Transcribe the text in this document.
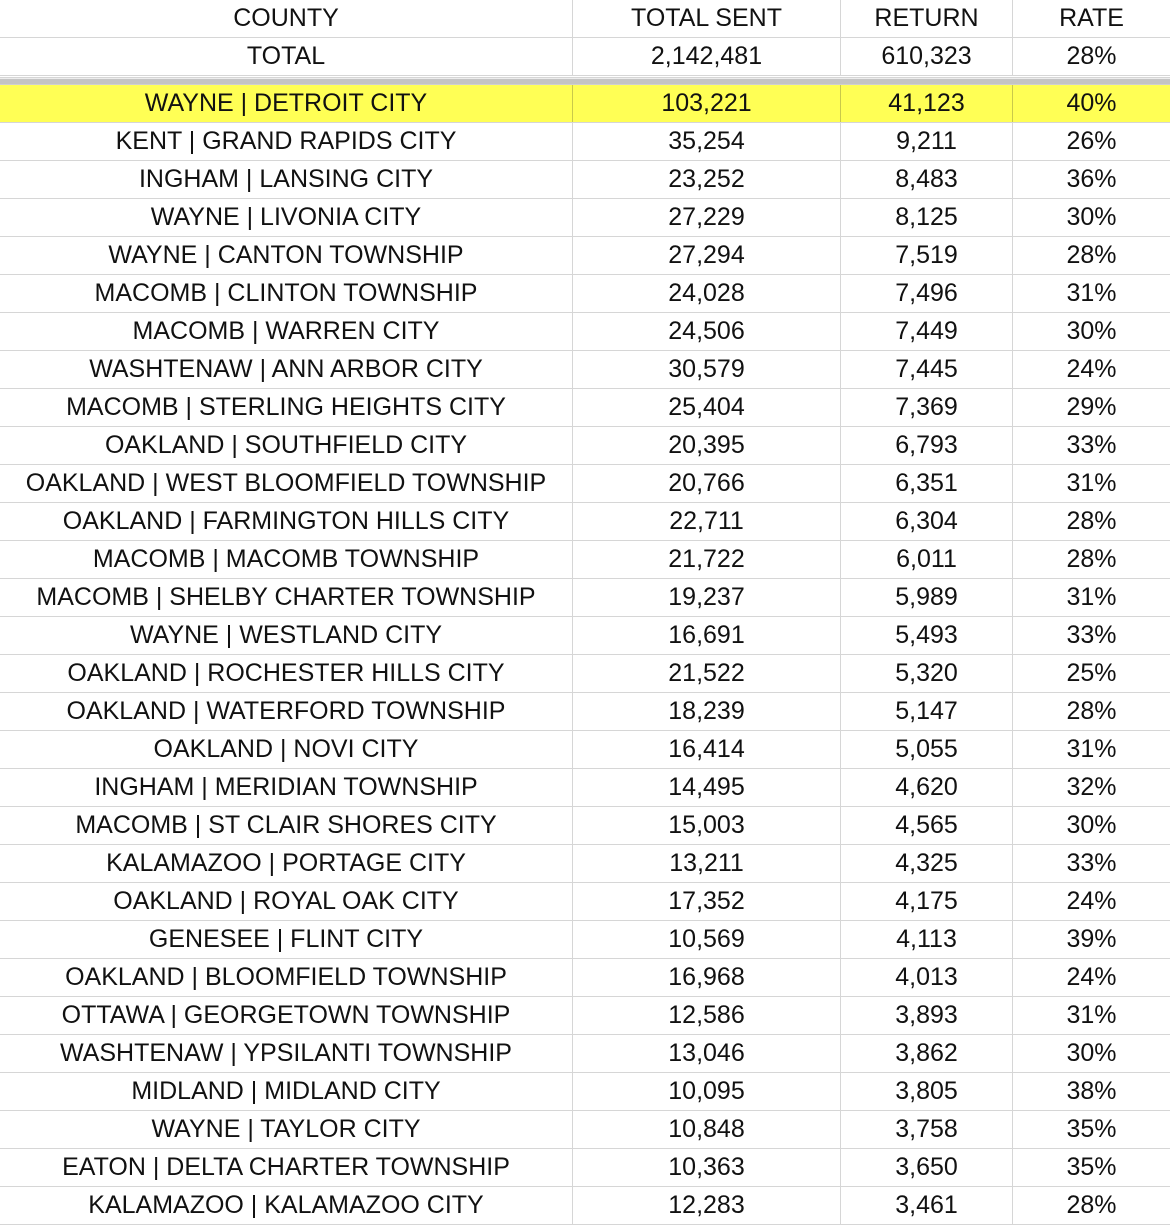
COUNTY	TOTAL SENT	RETURN	RATE
TOTAL	2,142,481	610,323	28%
WAYNE | DETROIT CITY	103,221	41,123	40%
KENT | GRAND RAPIDS CITY	35,254	9,211	26%
INGHAM | LANSING CITY	23,252	8,483	36%
WAYNE | LIVONIA CITY	27,229	8,125	30%
WAYNE | CANTON TOWNSHIP	27,294	7,519	28%
MACOMB | CLINTON TOWNSHIP	24,028	7,496	31%
MACOMB | WARREN CITY	24,506	7,449	30%
WASHTENAW | ANN ARBOR CITY	30,579	7,445	24%
MACOMB | STERLING HEIGHTS CITY	25,404	7,369	29%
OAKLAND | SOUTHFIELD CITY	20,395	6,793	33%
OAKLAND | WEST BLOOMFIELD TOWNSHIP	20,766	6,351	31%
OAKLAND | FARMINGTON HILLS CITY	22,711	6,304	28%
MACOMB | MACOMB TOWNSHIP	21,722	6,011	28%
MACOMB | SHELBY CHARTER TOWNSHIP	19,237	5,989	31%
WAYNE | WESTLAND CITY	16,691	5,493	33%
OAKLAND | ROCHESTER HILLS CITY	21,522	5,320	25%
OAKLAND | WATERFORD TOWNSHIP	18,239	5,147	28%
OAKLAND | NOVI CITY	16,414	5,055	31%
INGHAM | MERIDIAN TOWNSHIP	14,495	4,620	32%
MACOMB | ST CLAIR SHORES CITY	15,003	4,565	30%
KALAMAZOO | PORTAGE CITY	13,211	4,325	33%
OAKLAND | ROYAL OAK CITY	17,352	4,175	24%
GENESEE | FLINT CITY	10,569	4,113	39%
OAKLAND | BLOOMFIELD TOWNSHIP	16,968	4,013	24%
OTTAWA | GEORGETOWN TOWNSHIP	12,586	3,893	31%
WASHTENAW | YPSILANTI TOWNSHIP	13,046	3,862	30%
MIDLAND | MIDLAND CITY	10,095	3,805	38%
WAYNE | TAYLOR CITY	10,848	3,758	35%
EATON | DELTA CHARTER TOWNSHIP	10,363	3,650	35%
KALAMAZOO | KALAMAZOO CITY	12,283	3,461	28%
